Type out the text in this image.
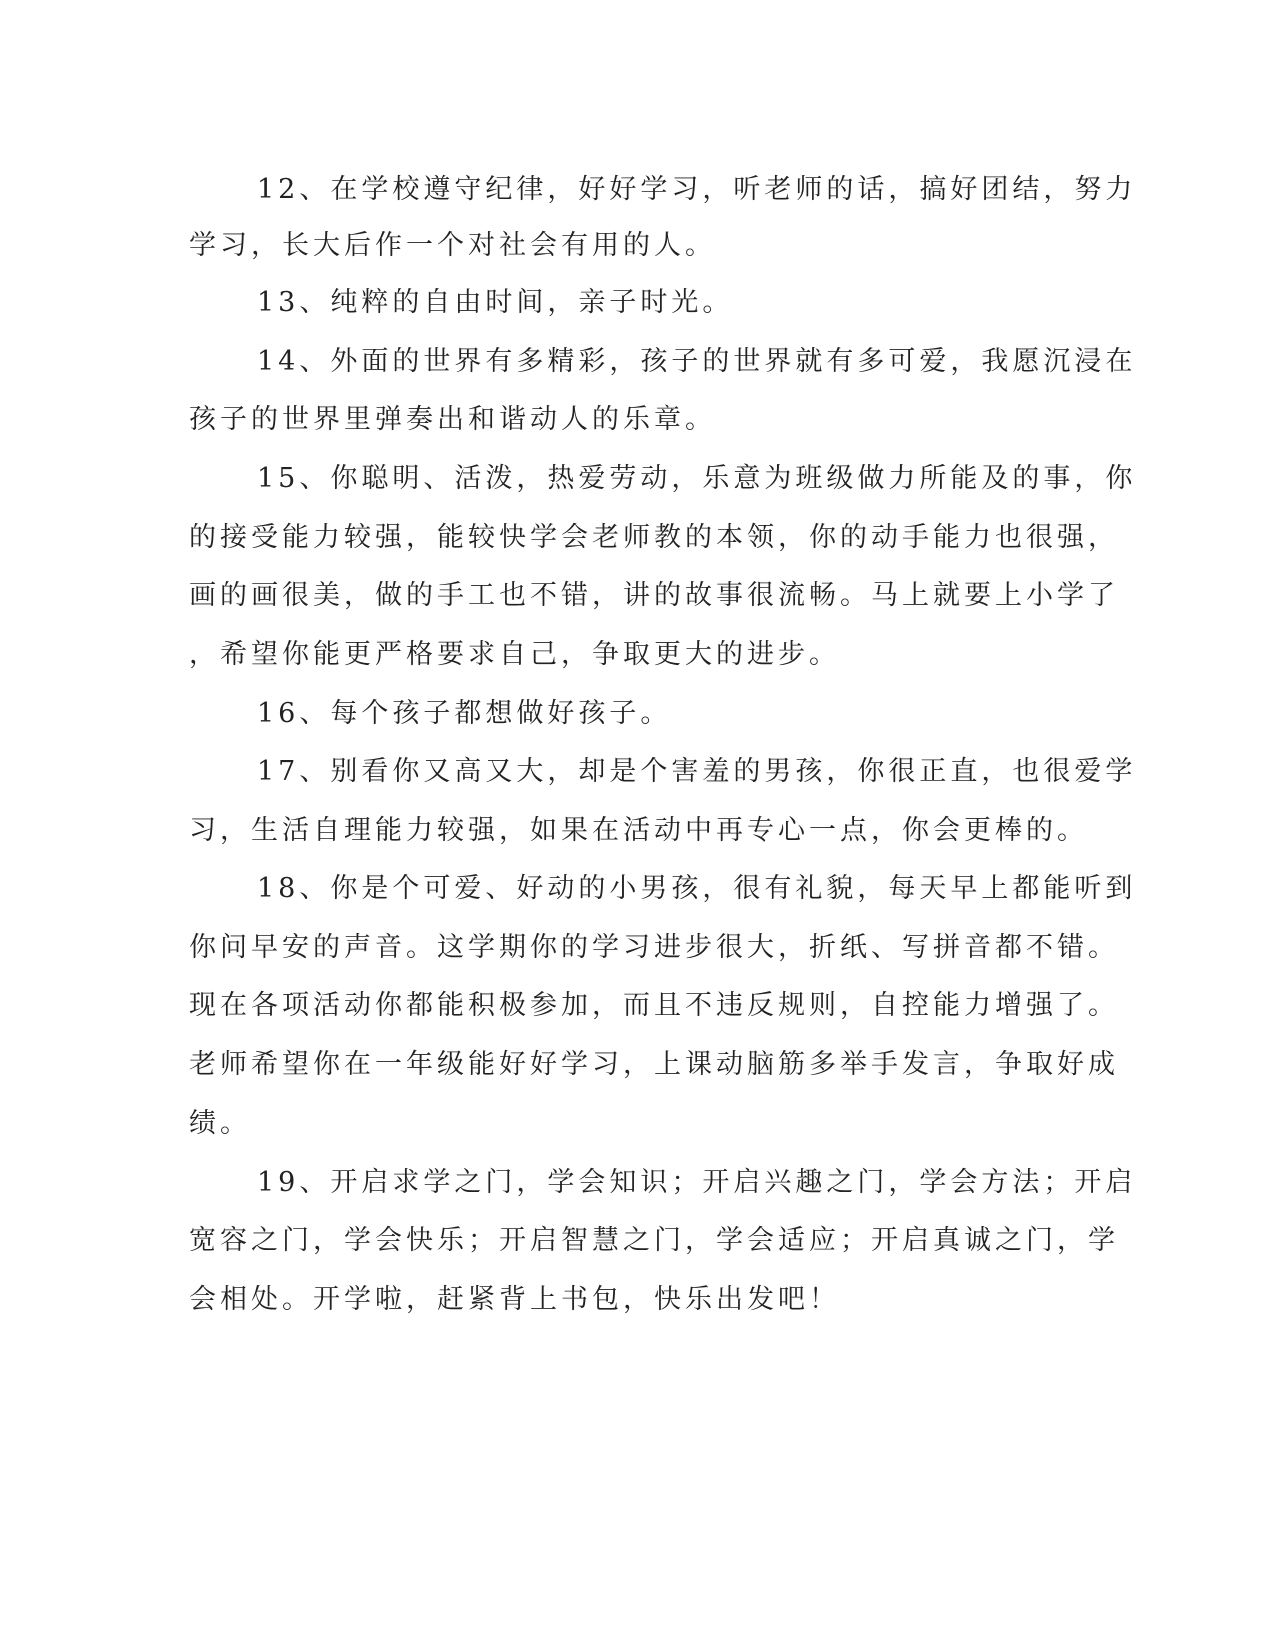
12、在学校遵守纪律，好好学习，听老师的话，搞好团结，努力

学习，长大后作一个对社会有用的人。

13、纯粹的自由时间，亲子时光。

14、外面的世界有多精彩，孩子的世界就有多可爱，我愿沉浸在

孩子的世界里弹奏出和谐动人的乐章。

15、你聪明、活泼，热爱劳动，乐意为班级做力所能及的事，你

的接受能力较强，能较快学会老师教的本领，你的动手能力也很强，

画的画很美，做的手工也不错，讲的故事很流畅。马上就要上小学了

，希望你能更严格要求自己，争取更大的进步。

16、每个孩子都想做好孩子。

17、别看你又高又大，却是个害羞的男孩，你很正直，也很爱学

习，生活自理能力较强，如果在活动中再专心一点，你会更棒的。

18、你是个可爱、好动的小男孩，很有礼貌，每天早上都能听到

你问早安的声音。这学期你的学习进步很大，折纸、写拼音都不错。

现在各项活动你都能积极参加，而且不违反规则，自控能力增强了。

老师希望你在一年级能好好学习，上课动脑筋多举手发言，争取好成

绩。

19、开启求学之门，学会知识；开启兴趣之门，学会方法；开启

宽容之门，学会快乐；开启智慧之门，学会适应；开启真诚之门，学

会相处。开学啦，赶紧背上书包，快乐出发吧！
